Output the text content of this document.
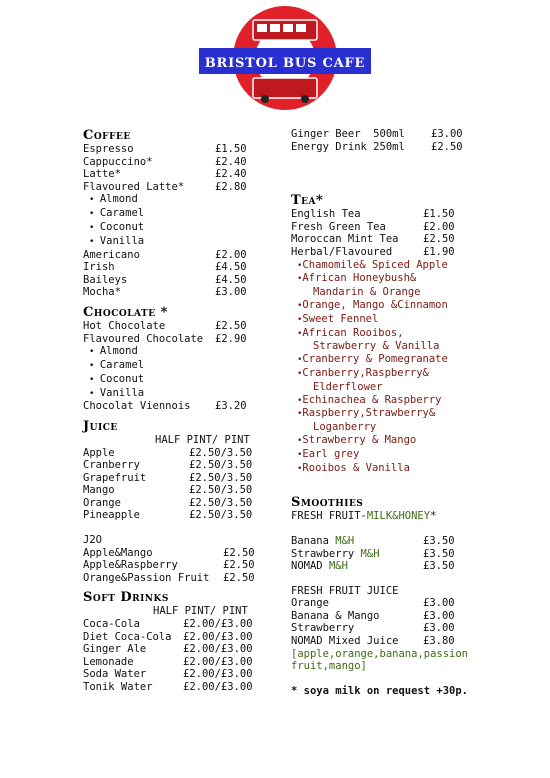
BRISTOL BUS CAFE
Coffee
Espresso	£1.50
Cappuccino*	£2.40
Latte*	£2.40
Flavoured Latte*	£2.80
• Almond
• Caramel
• Coconut
• Vanilla
Americano	£2.00
Irish	£4.50
Baileys	£4.50
Mocha*	£3.00
Chocolate *
Hot Chocolate	£2.50
Flavoured Chocolate	£2.90
• Almond
• Caramel
• Coconut
• Vanilla
Chocolat Viennois	£3.20
Juice
HALF PINT/ PINT
Apple	£2.50/3.50
Cranberry	£2.50/3.50
Grapefruit	£2.50/3.50
Mango	£2.50/3.50
Orange	£2.50/3.50
Pineapple	£2.50/3.50
J2O
Apple&Mango	£2.50
Apple&Raspberry	£2.50
Orange&Passion Fruit	£2.50
Soft Drinks
HALF PINT/ PINT
Coca-Cola	£2.00/£3.00
Diet Coca-Cola	£2.00/£3.00
Ginger Ale	£2.00/£3.00
Lemonade	£2.00/£3.00
Soda Water	£2.00/£3.00
Tonik Water	£2.00/£3.00
Ginger Beer  500ml	£3.00
Energy Drink 250ml	£2.50
Tea*
English Tea	£1.50
Fresh Green Tea	£2.00
Moroccan Mint Tea	£2.50
Herbal/Flavoured	£1.90
• Chamomile& Spiced Apple
• African Honeybush&
Mandarin & Orange
• Orange, Mango &Cinnamon
• Sweet Fennel
• African Rooibos,
Strawberry & Vanilla
• Cranberry & Pomegranate
• Cranberry,Raspberry&
Elderflower
• Echinachea & Raspberry
• Raspberry,Strawberry&
Loganberry
• Strawberry & Mango
• Earl grey
• Rooibos & Vanilla
Smoothies
FRESH FRUIT-MILK&HONEY*
Banana M&H	£3.50
Strawberry M&H	£3.50
NOMAD M&H	£3.50
FRESH FRUIT JUICE
Orange	£3.00
Banana & Mango	£3.00
Strawberry	£3.00
NOMAD Mixed Juice	£3.80
[apple,orange,banana,passion
fruit,mango]
* soya milk on request +30p.
